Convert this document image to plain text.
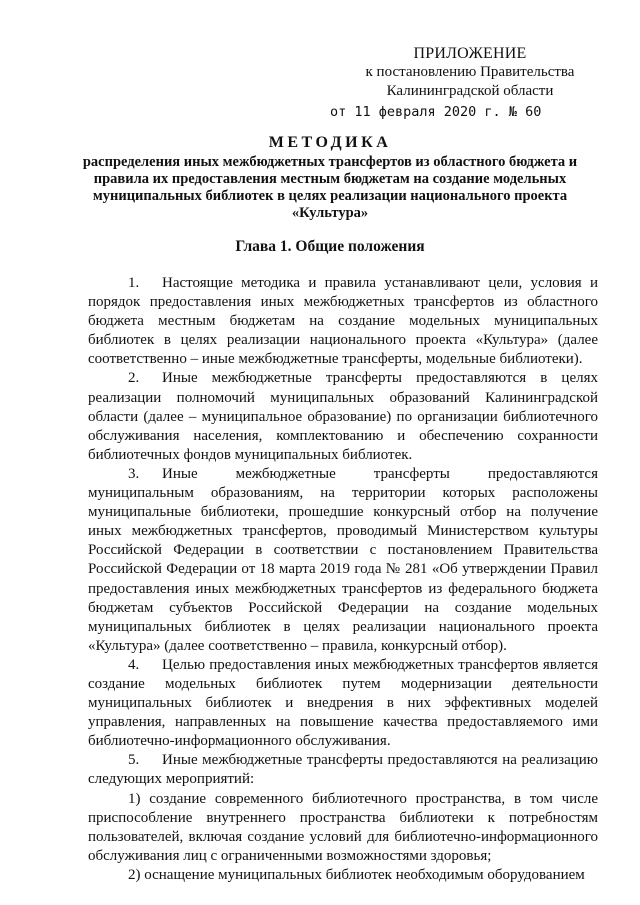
ПРИЛОЖЕНИЕ
к постановлению Правительства
Калининградской области
от 11 февраля 2020 г. № 60
МЕТОДИКА
распределения иных межбюджетных трансфертов из областного бюджета и правила их предоставления местным бюджетам на создание модельных муниципальных библиотек в целях реализации национального проекта «Культура»
Глава 1. Общие положения

1. Настоящие методика и правила устанавливают цели, условия и порядок предоставления иных межбюджетных трансфертов из областного бюджета местным бюджетам на создание модельных муниципальных библиотек в целях реализации национального проекта «Культура» (далее соответственно – иные межбюджетные трансферты, модельные библиотеки).

2. Иные межбюджетные трансферты предоставляются в целях реализации полномочий муниципальных образований Калининградской области (далее – муниципальное образование) по организации библиотечного обслуживания населения, комплектованию и обеспечению сохранности библиотечных фондов муниципальных библиотек.

3. Иные межбюджетные трансферты предоставляются муниципальным образованиям, на территории которых расположены муниципальные библиотеки, прошедшие конкурсный отбор на получение иных межбюджетных трансфертов, проводимый Министерством культуры Российской Федерации в соответствии с постановлением Правительства Российской Федерации от 18 марта 2019 года № 281 «Об утверждении Правил предоставления иных межбюджетных трансфертов из федерального бюджета бюджетам субъектов Российской Федерации на создание модельных муниципальных библиотек в целях реализации национального проекта «Культура» (далее соответственно – правила, конкурсный отбор).

4. Целью предоставления иных межбюджетных трансфертов является создание модельных библиотек путем модернизации деятельности муниципальных библиотек и внедрения в них эффективных моделей управления, направленных на повышение качества предоставляемого ими библиотечно-информационного обслуживания.

5. Иные межбюджетные трансферты предоставляются на реализацию следующих мероприятий:

1) создание современного библиотечного пространства, в том числе приспособление внутреннего пространства библиотеки к потребностям пользователей, включая создание условий для библиотечно-информационного обслуживания лиц с ограниченными возможностями здоровья;

2) оснащение муниципальных библиотек необходимым оборудованием
